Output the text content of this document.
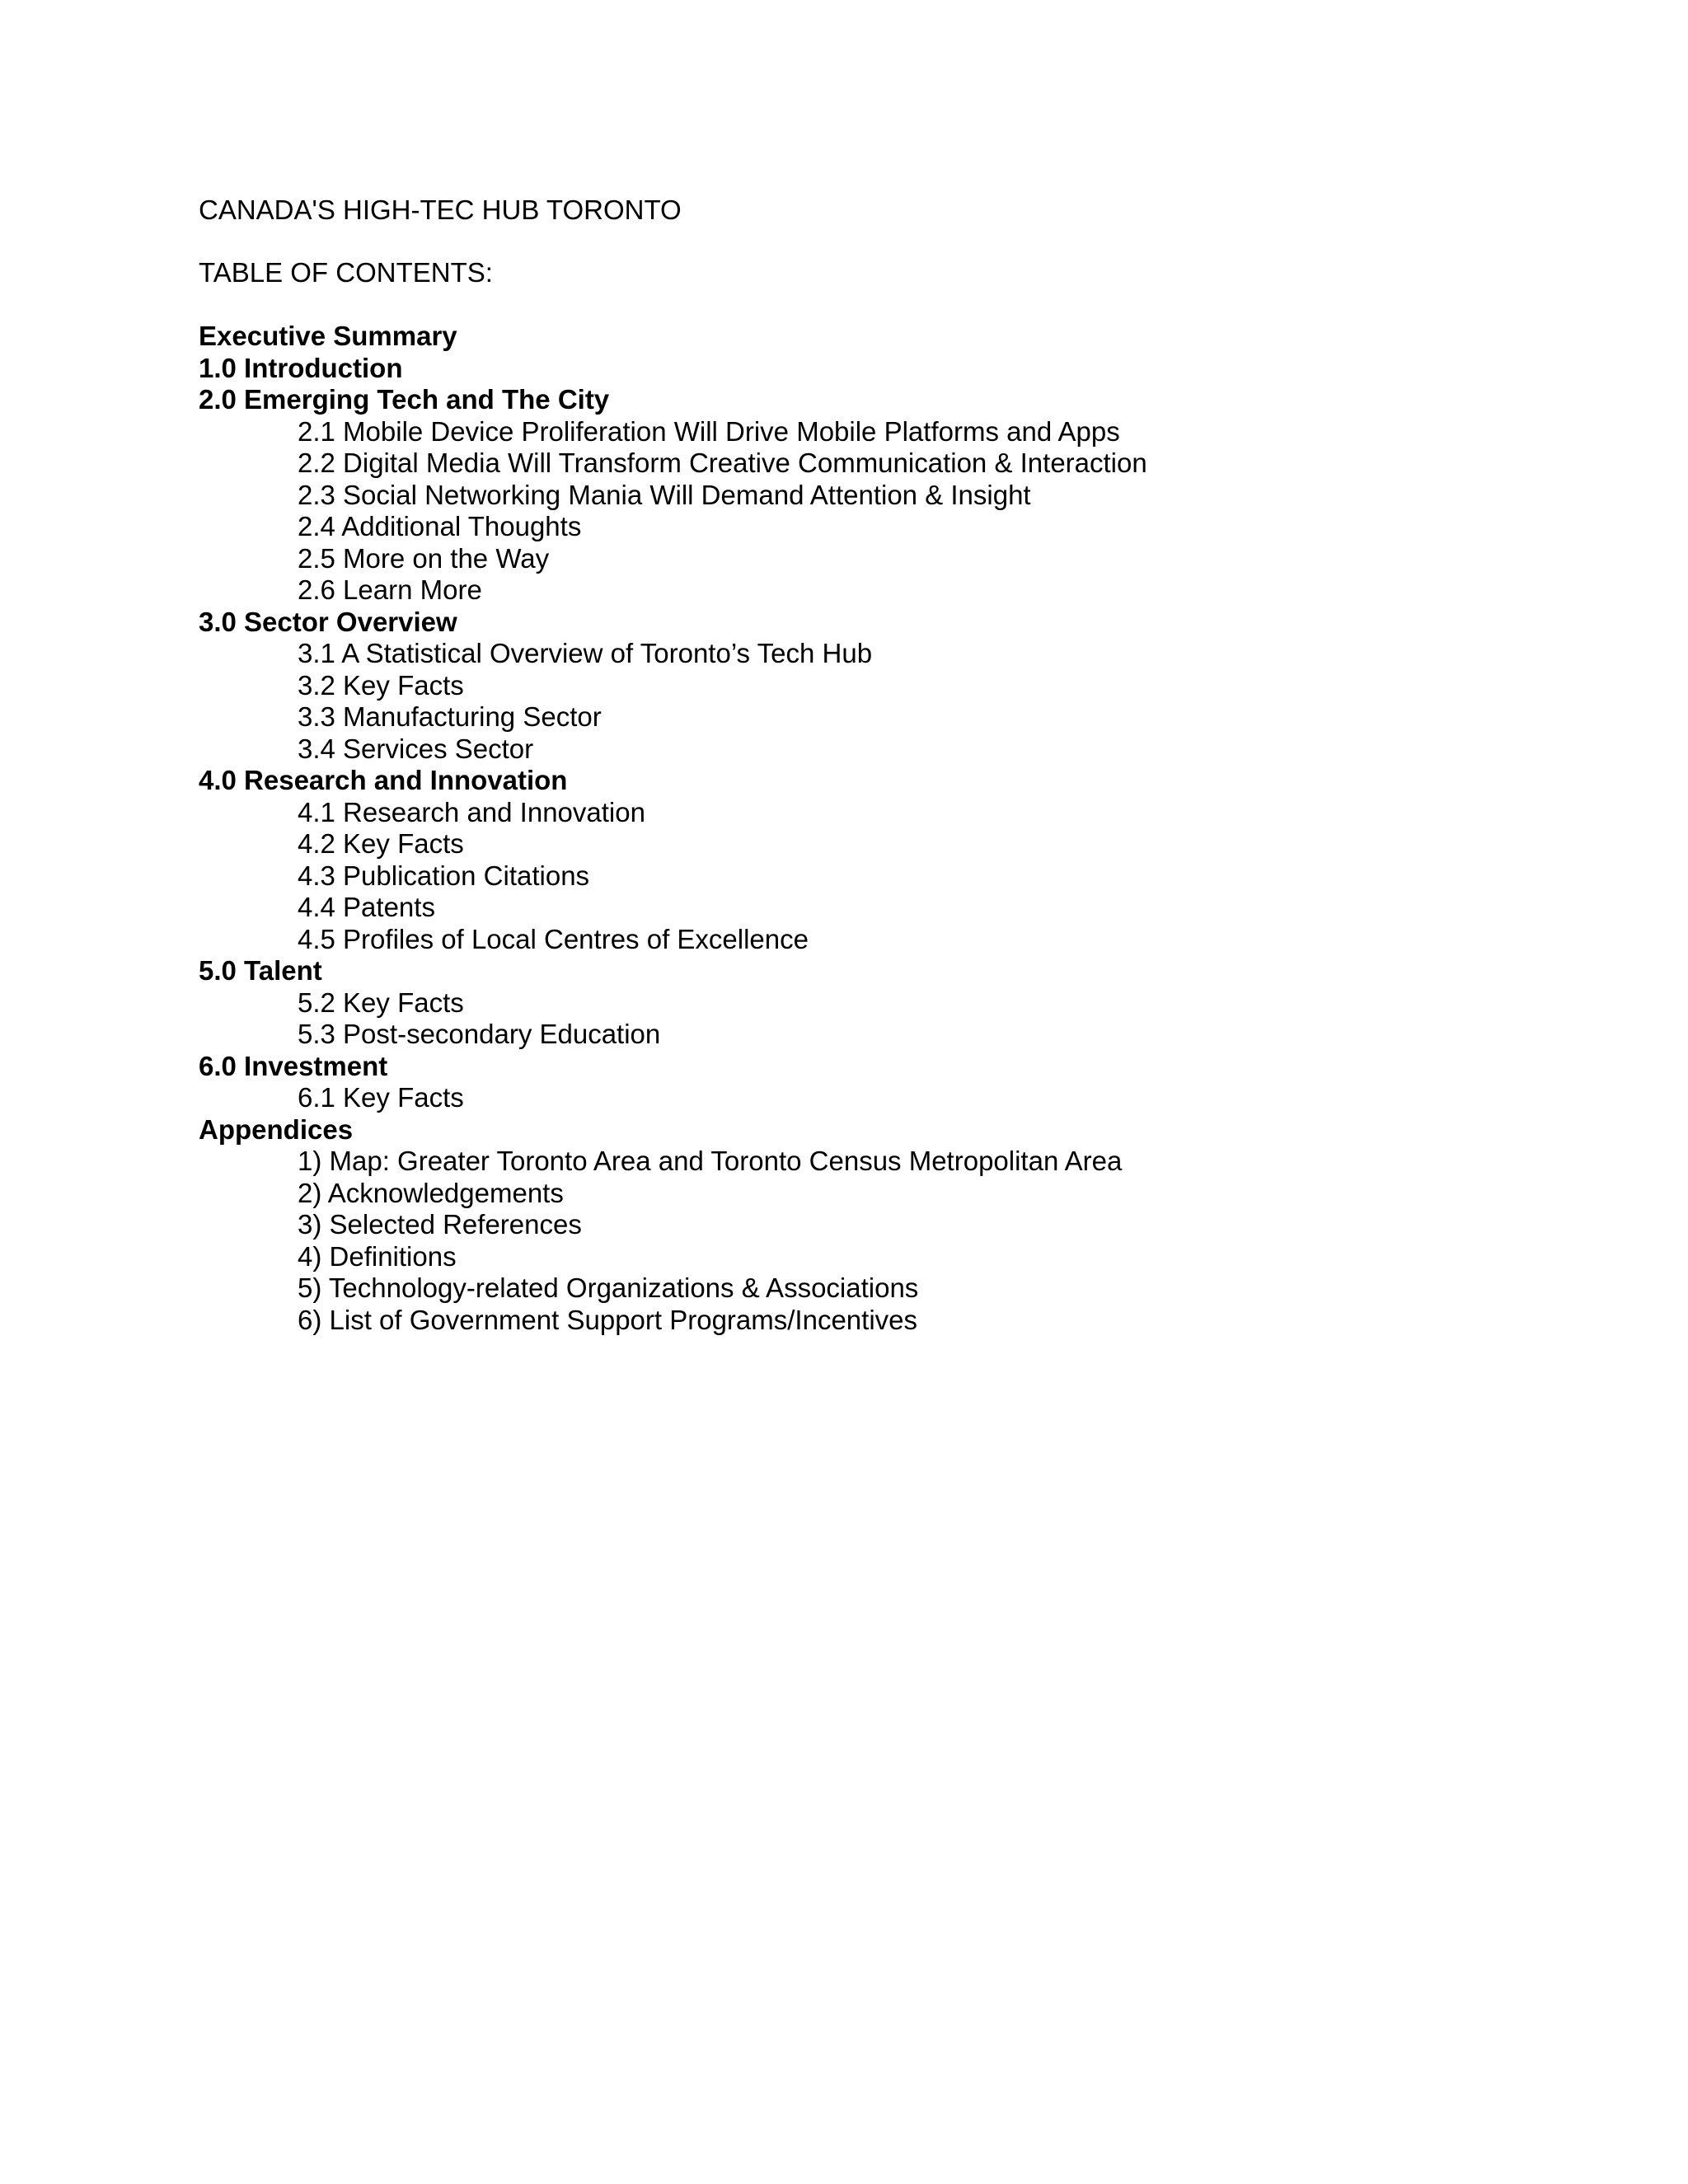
CANADA'S HIGH-TEC HUB TORONTO
TABLE OF CONTENTS:
Executive Summary
1.0 Introduction
2.0 Emerging Tech and The City
2.1 Mobile Device Proliferation Will Drive Mobile Platforms and Apps
2.2 Digital Media Will Transform Creative Communication & Interaction
2.3 Social Networking Mania Will Demand Attention & Insight
2.4 Additional Thoughts
2.5 More on the Way
2.6 Learn More
3.0 Sector Overview
3.1 A Statistical Overview of Toronto’s Tech Hub
3.2 Key Facts
3.3 Manufacturing Sector
3.4 Services Sector
4.0 Research and Innovation
4.1 Research and Innovation
4.2 Key Facts
4.3 Publication Citations
4.4 Patents
4.5 Profiles of Local Centres of Excellence
5.0 Talent
5.2 Key Facts
5.3 Post-secondary Education
6.0 Investment
6.1 Key Facts
Appendices
1) Map: Greater Toronto Area and Toronto Census Metropolitan Area
2) Acknowledgements
3) Selected References
4) Definitions
5) Technology-related Organizations & Associations
6) List of Government Support Programs/Incentives
